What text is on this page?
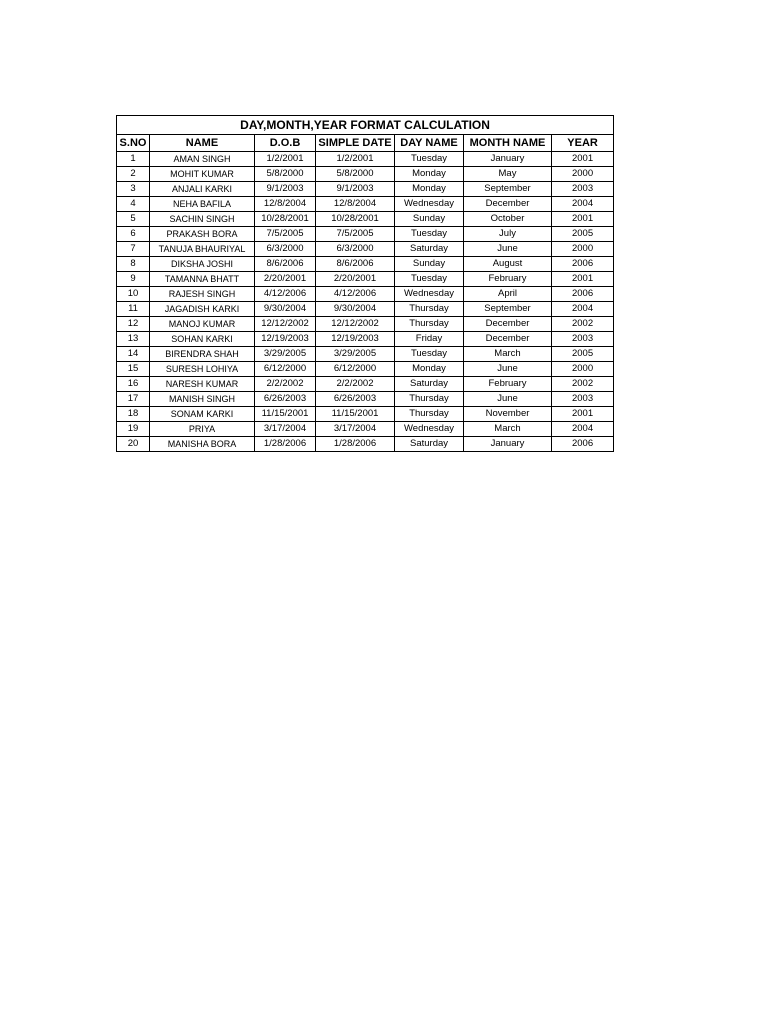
DAY,MONTH,YEAR FORMAT CALCULATION						
S.NO	NAME	D.O.B	SIMPLE DATE	DAY NAME	MONTH NAME	YEAR
1	AMAN SINGH	1/2/2001	1/2/2001	Tuesday	January	2001
2	MOHIT KUMAR	5/8/2000	5/8/2000	Monday	May	2000
3	ANJALI KARKI	9/1/2003	9/1/2003	Monday	September	2003
4	NEHA BAFILA	12/8/2004	12/8/2004	Wednesday	December	2004
5	SACHIN SINGH	10/28/2001	10/28/2001	Sunday	October	2001
6	PRAKASH BORA	7/5/2005	7/5/2005	Tuesday	July	2005
7	TANUJA BHAURIYAL	6/3/2000	6/3/2000	Saturday	June	2000
8	DIKSHA JOSHI	8/6/2006	8/6/2006	Sunday	August	2006
9	TAMANNA BHATT	2/20/2001	2/20/2001	Tuesday	February	2001
10	RAJESH SINGH	4/12/2006	4/12/2006	Wednesday	April	2006
11	JAGADISH KARKI	9/30/2004	9/30/2004	Thursday	September	2004
12	MANOJ KUMAR	12/12/2002	12/12/2002	Thursday	December	2002
13	SOHAN KARKI	12/19/2003	12/19/2003	Friday	December	2003
14	BIRENDRA SHAH	3/29/2005	3/29/2005	Tuesday	March	2005
15	SURESH LOHIYA	6/12/2000	6/12/2000	Monday	June	2000
16	NARESH KUMAR	2/2/2002	2/2/2002	Saturday	February	2002
17	MANISH SINGH	6/26/2003	6/26/2003	Thursday	June	2003
18	SONAM KARKI	11/15/2001	11/15/2001	Thursday	November	2001
19	PRIYA	3/17/2004	3/17/2004	Wednesday	March	2004
20	MANISHA BORA	1/28/2006	1/28/2006	Saturday	January	2006
